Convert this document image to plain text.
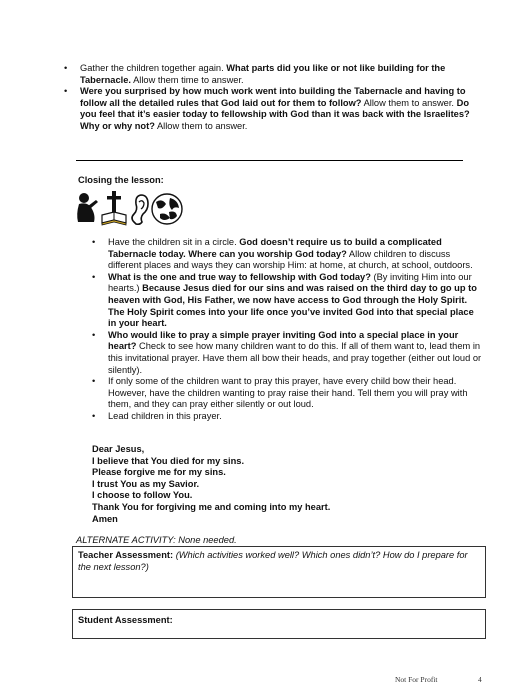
• Gather the children together again. What parts did you like or not like building for the Tabernacle. Allow them time to answer.
• Were you surprised by how much work went into building the Tabernacle and having to follow all the detailed rules that God laid out for them to follow? Allow them to answer. Do you feel that it’s easier today to fellowship with God than it was back with the Israelites? Why or why not? Allow them to answer.
Closing the lesson:
• Have the children sit in a circle. God doesn’t require us to build a complicated Tabernacle today. Where can you worship God today? Allow children to discuss different places and ways they can worship Him: at home, at church, at school, outdoors.
• What is the one and true way to fellowship with God today? (By inviting Him into our hearts.) Because Jesus died for our sins and was raised on the third day to go up to heaven with God, His Father, we now have access to God through the Holy Spirit. The Holy Spirit comes into your life once you’ve invited God into that special place in your heart.
• Who would like to pray a simple prayer inviting God into a special place in your heart? Check to see how many children want to do this. If all of them want to, lead them in this invitational prayer. Have them all bow their heads, and pray together (either out loud or silently).
• If only some of the children want to pray this prayer, have every child bow their head. However, have the children wanting to pray raise their hand. Tell them you will pray with them, and they can pray either silently or out loud.
• Lead children in this prayer.
Dear Jesus,
I believe that You died for my sins.
Please forgive me for my sins.
I trust You as my Savior.
I choose to follow You.
Thank You for forgiving me and coming into my heart.
Amen
ALTERNATE ACTIVITY: None needed.
Teacher Assessment: (Which activities worked well? Which ones didn’t? How do I prepare for the next lesson?)
Student Assessment:
Not For Profit	4
